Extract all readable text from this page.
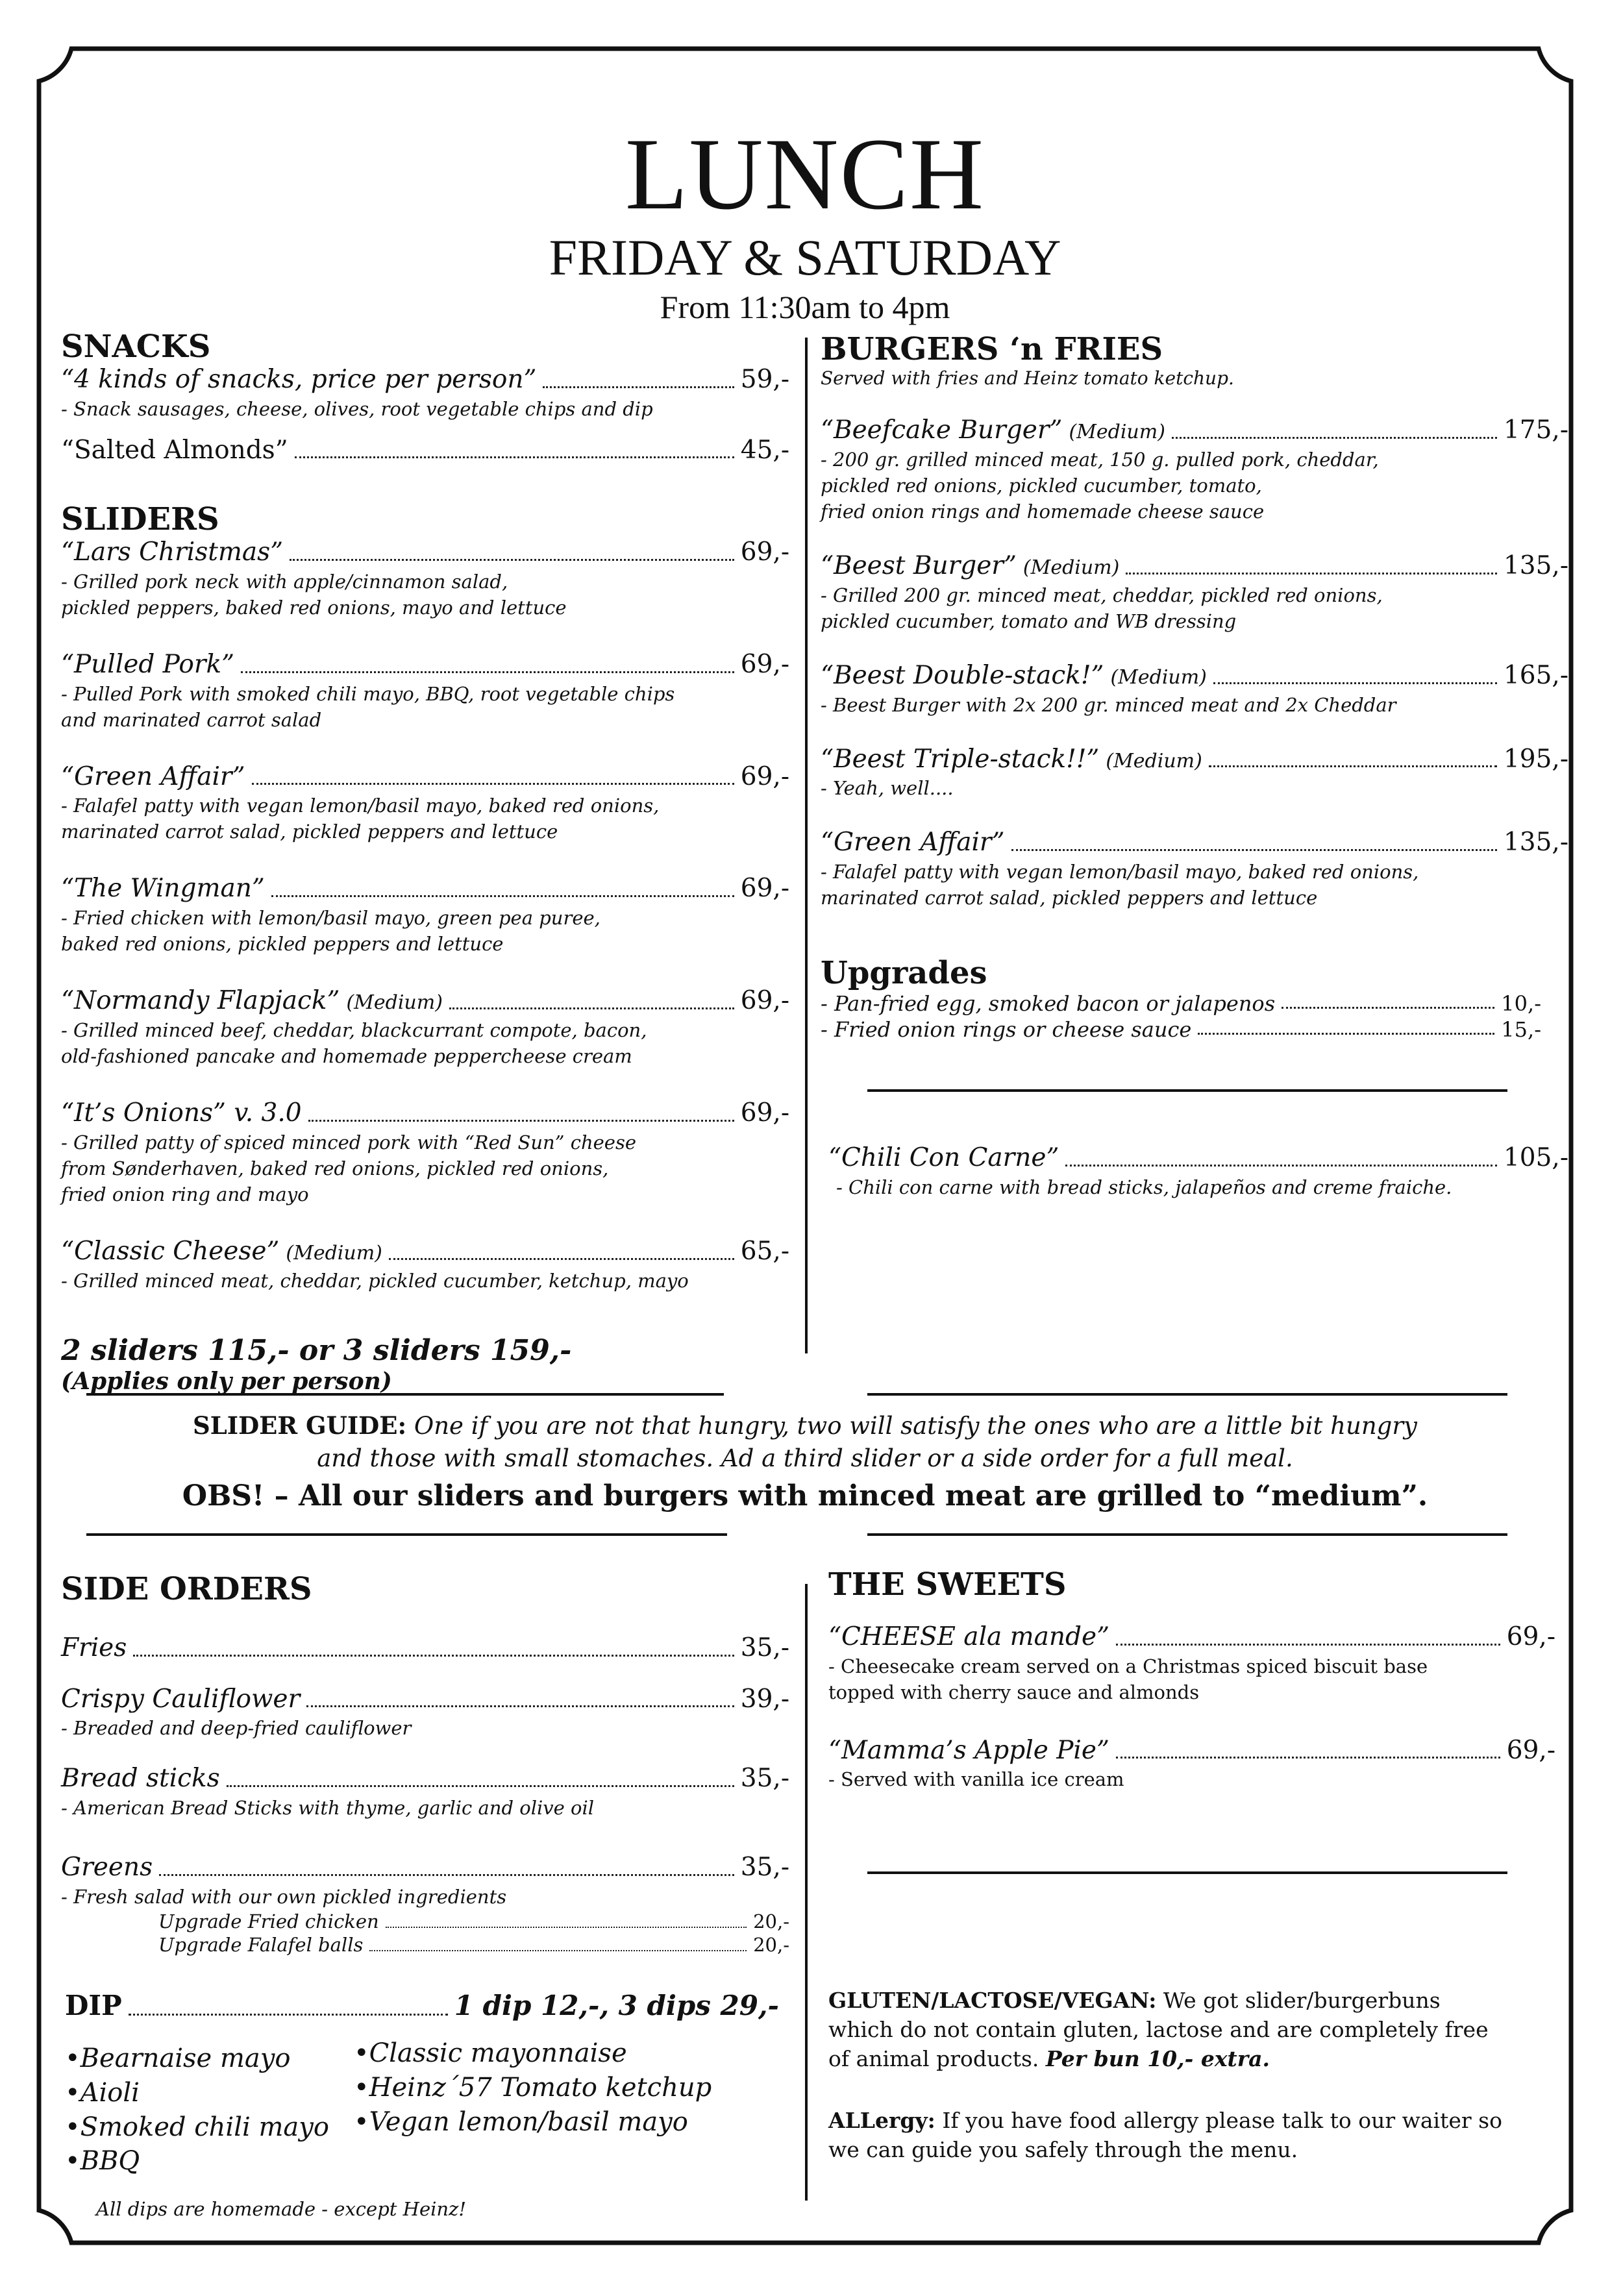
LUNCH
FRIDAY & SATURDAY
From 11:30am to 4pm
SNACKS
“4 kinds of snacks, price per person”	59,-
- Snack sausages, cheese, olives, root vegetable chips and dip
“Salted Almonds”	45,-
SLIDERS
“Lars Christmas”	69,-
- Grilled pork neck with apple/cinnamon salad,
pickled peppers, baked red onions, mayo and lettuce
“Pulled Pork”	69,-
- Pulled Pork with smoked chili mayo, BBQ, root vegetable chips
and marinated carrot salad
“Green Affair”	69,-
- Falafel patty with vegan lemon/basil mayo, baked red onions,
marinated carrot salad, pickled peppers and lettuce
“The Wingman”	69,-
- Fried chicken with lemon/basil mayo, green pea puree,
baked red onions, pickled peppers and lettuce
“Normandy Flapjack” (Medium)	69,-
- Grilled minced beef, cheddar, blackcurrant compote, bacon,
old-fashioned pancake and homemade peppercheese cream
“It’s Onions” v. 3.0	69,-
- Grilled patty of spiced minced pork with “Red Sun” cheese
from Sønderhaven, baked red onions, pickled red onions,
fried onion ring and mayo
“Classic Cheese” (Medium)	65,-
- Grilled minced meat, cheddar, pickled cucumber, ketchup, mayo
2 sliders 115,- or 3 sliders 159,-
(Applies only per person)
BURGERS ‘n FRIES
Served with fries and Heinz tomato ketchup.
“Beefcake Burger” (Medium)	175,-
- 200 gr. grilled minced meat, 150 g. pulled pork, cheddar,
pickled red onions, pickled cucumber, tomato,
fried onion rings and homemade cheese sauce
“Beest Burger” (Medium)	135,-
- Grilled 200 gr. minced meat, cheddar, pickled red onions,
pickled cucumber, tomato and WB dressing
“Beest Double-stack!” (Medium)	165,-
- Beest Burger with 2x 200 gr. minced meat and 2x Cheddar
“Beest Triple-stack!!” (Medium)	195,-
- Yeah, well....
“Green Affair”	135,-
- Falafel patty with vegan lemon/basil mayo, baked red onions,
marinated carrot salad, pickled peppers and lettuce
Upgrades
- Pan-fried egg, smoked bacon or jalapenos	10,-
- Fried onion rings or cheese sauce	15,-
“Chili Con Carne”	105,-
- Chili con carne with bread sticks, jalapeños and creme fraiche.
SLIDER GUIDE: One if you are not that hungry, two will satisfy the ones who are a little bit hungry
and those with small stomaches. Ad a third slider or a side order for a full meal.
OBS! – All our sliders and burgers with minced meat are grilled to “medium”.
SIDE ORDERS
Fries	35,-
Crispy Cauliflower	39,-
- Breaded and deep-fried cauliflower
Bread sticks	35,-
- American Bread Sticks with thyme, garlic and olive oil
Greens	35,-
- Fresh salad with our own pickled ingredients
Upgrade Fried chicken	20,-
Upgrade Falafel balls	20,-
DIP	1 dip 12,-, 3 dips 29,-
• Bearnaise mayo
• Aioli
• Smoked chili mayo
• BBQ
• Classic mayonnaise
• Heinz´57 Tomato ketchup
• Vegan lemon/basil mayo
All dips are homemade - except Heinz!
THE SWEETS
“CHEESE ala mande”	69,-
- Cheesecake cream served on a Christmas spiced biscuit base
topped with cherry sauce and almonds
“Mamma’s Apple Pie”	69,-
- Served with vanilla ice cream
GLUTEN/LACTOSE/VEGAN: We got slider/burgerbuns which do not contain gluten, lactose and are completely free of animal products. Per bun 10,- extra.
ALLergy: If you have food allergy please talk to our waiter so we can guide you safely through the menu.
